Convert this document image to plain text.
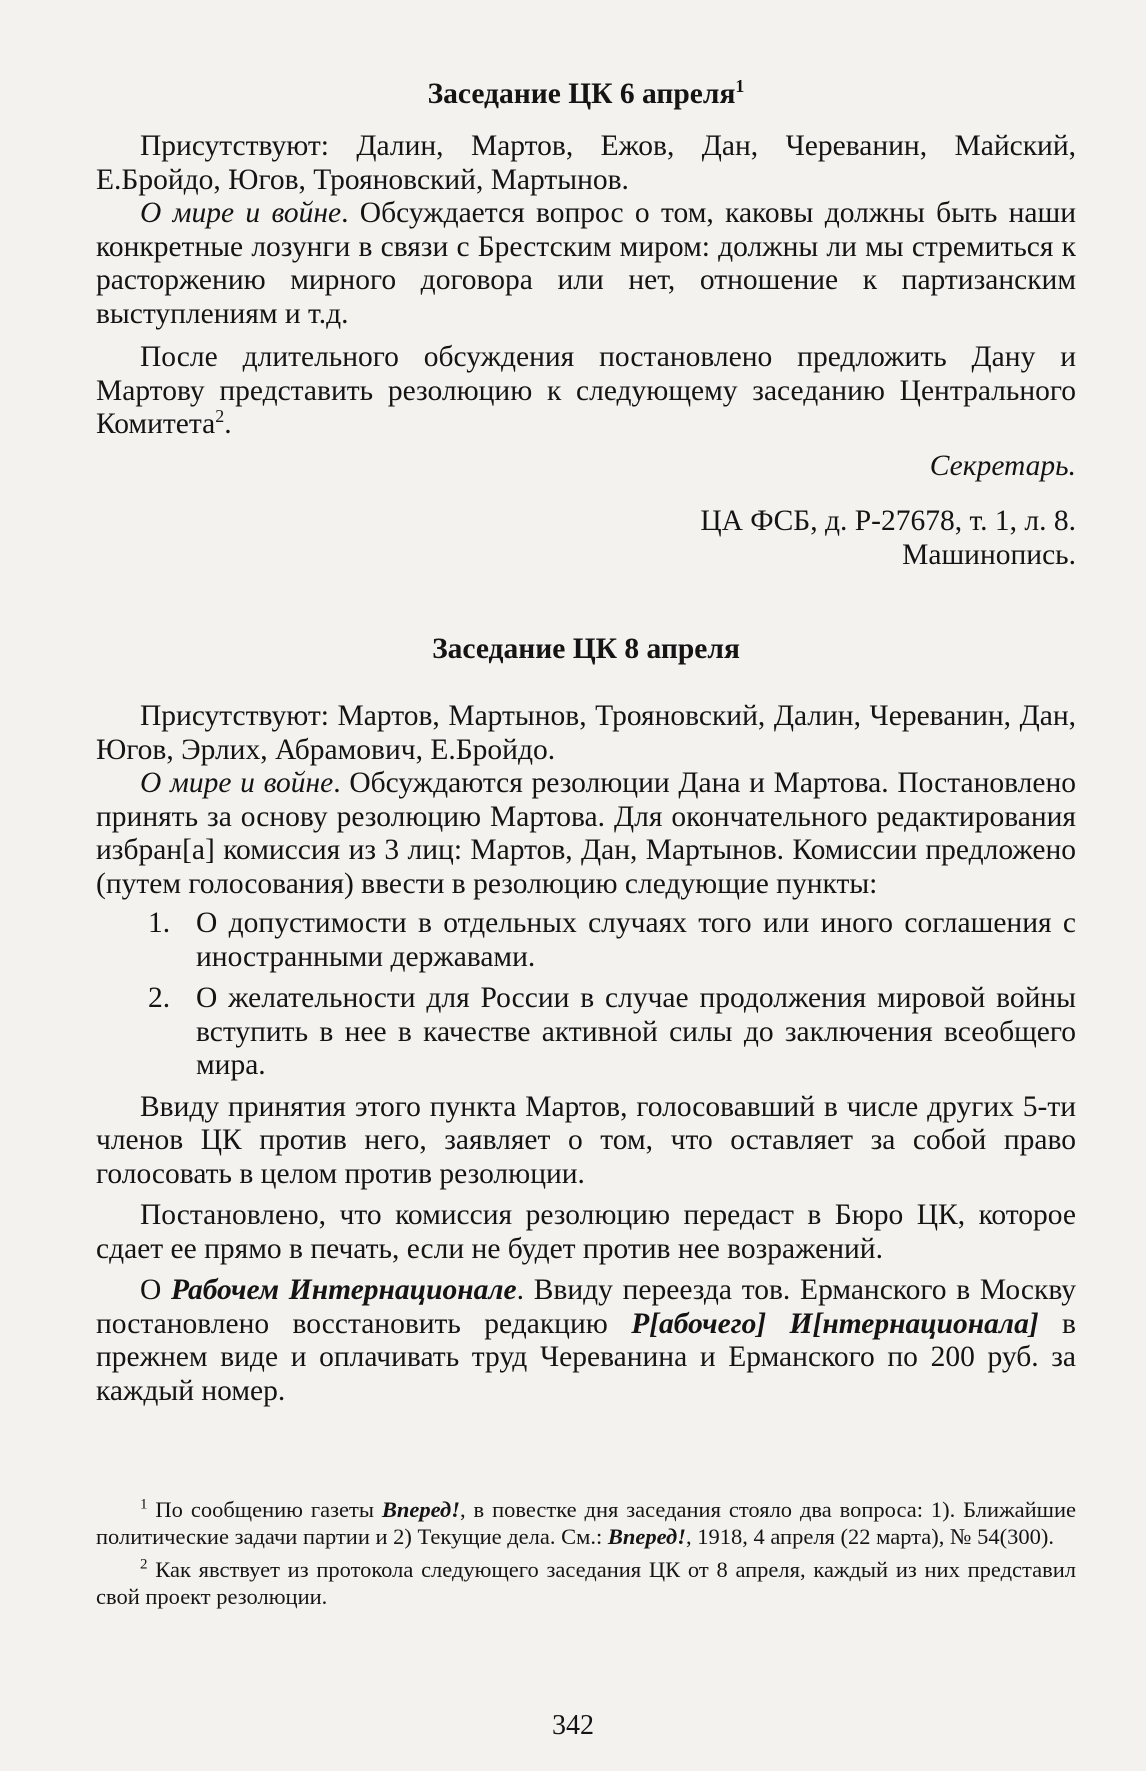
Заседание ЦК 6 апреля$^1$

Присутствуют: Далин, Мартов, Ежов, Дан, Череванин, Майский, Е.Бройдо, Югов, Трояновский, Мартынов.

О мире и войне. Обсуждается вопрос о том, каковы должны быть наши конкретные лозунги в связи с Брестским миром: должны ли мы стремиться к расторжению мирного договора или нет, отношение к партизанским выступлениям и т.д.

После длительного обсуждения постановлено предложить Дану и Мартову представить резолюцию к следующему заседанию Центрального Комитета$^2$.

Секретарь.

ЦА ФСБ, д. Р-27678, т. 1, л. 8.

Машинопись.

Заседание ЦК 8 апреля

Присутствуют: Мартов, Мартынов, Трояновский, Далин, Череванин, Дан, Югов, Эрлих, Абрамович, Е.Бройдо.

О мире и войне. Обсуждаются резолюции Дана и Мартова. Постановлено принять за основу резолюцию Мартова. Для окончательного редактирования избран[а] комиссия из 3 лиц: Мартов, Дан, Мартынов. Комиссии предложено (путем голосования) ввести в резолюцию следующие пункты:

1. О допустимости в отдельных случаях того или иного соглашения с иностранными державами.
2. О желательности для России в случае продолжения мировой войны вступить в нее в качестве активной силы до заключения всеобщего мира.

Ввиду принятия этого пункта Мартов, голосовавший в числе других 5-ти членов ЦК против него, заявляет о том, что оставляет за собой право голосовать в целом против резолюции.

Постановлено, что комиссия резолюцию передаст в Бюро ЦК, которое сдает ее прямо в печать, если не будет против нее возражений.

О Рабочем Интернационале. Ввиду переезда тов. Ерманского в Москву постановлено восстановить редакцию Р[абочего] И[нтернационала] в прежнем виде и оплачивать труд Череванина и Ерманского по 200 руб. за каждый номер.

$^1$ По сообщению газеты Вперед!, в повестке дня заседания стояло два вопроса: 1). Ближайшие политические задачи партии и 2) Текущие дела. См.: Вперед!, 1918, 4 апреля (22 марта), № 54(300).

$^2$ Как явствует из протокола следующего заседания ЦК от 8 апреля, каждый из них представил свой проект резолюции.

342
